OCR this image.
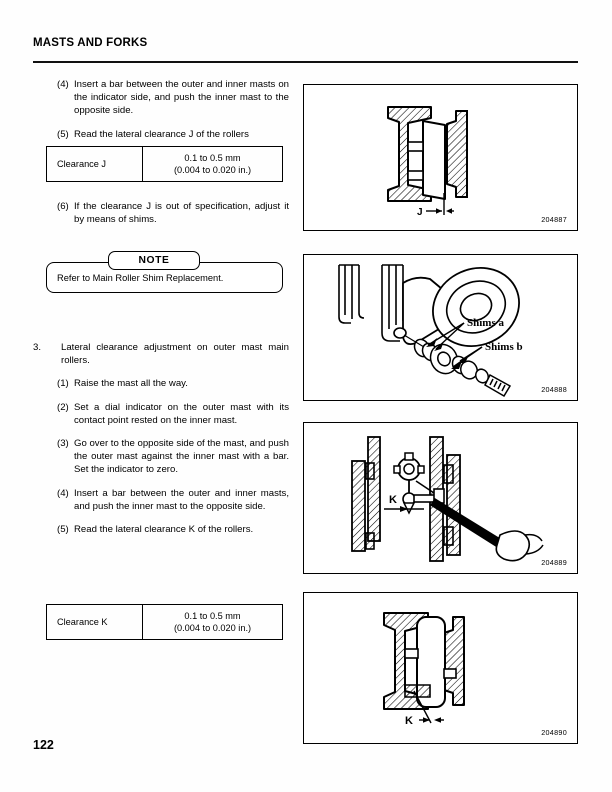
MASTS AND FORKS
(4) Insert a bar between the outer and inner masts on the indicator side, and push the inner mast to the opposite side.
(5) Read the lateral clearance J of the rollers
Clearance J
0.1 to 0.5 mm
(0.004 to 0.020 in.)
(6) If the clearance J is out of specification, adjust it by means of shims.
Refer to Main Roller Shim Replacement.
NOTE
3.	Lateral clearance adjustment on outer mast main rollers.
(1) Raise the mast all the way.
(2) Set a dial indicator on the outer mast with its contact point rested on the inner mast.
(3) Go over to the opposite side of the mast, and push the outer mast against the inner mast with a bar. Set the indicator to zero.
(4) Insert a bar between the outer and inner masts, and push the inner mast to the opposite side.
(5) Read the lateral clearance K of the rollers.
Clearance K
0.1 to 0.5 mm
(0.004 to 0.020 in.)
J
204887
Shims a
Shims b
204888
K
204889
K
204890
122
